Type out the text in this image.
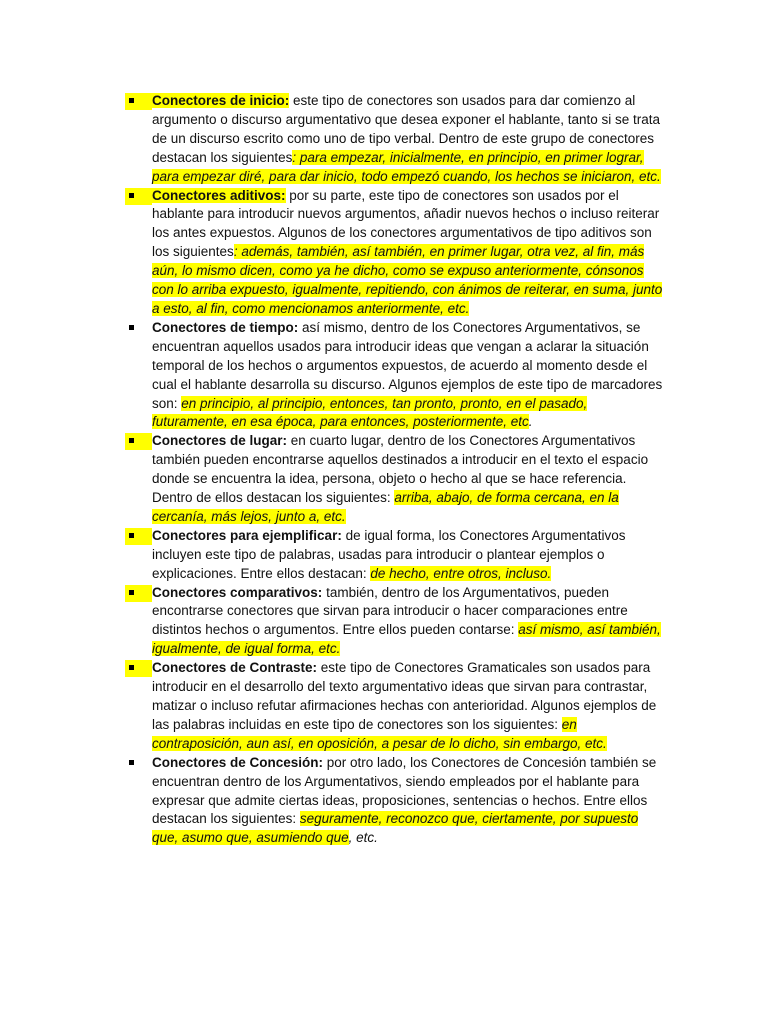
Conectores de inicio: este tipo de conectores son usados para dar comienzo al argumento o discurso argumentativo que desea exponer el hablante, tanto si se trata de un discurso escrito como uno de tipo verbal. Dentro de este grupo de conectores destacan los siguientes: para empezar, inicialmente, en principio, en primer lograr, para empezar diré, para dar inicio, todo empezó cuando, los hechos se iniciaron, etc.
Conectores aditivos: por su parte, este tipo de conectores son usados por el hablante para introducir nuevos argumentos, añadir nuevos hechos o incluso reiterar los antes expuestos. Algunos de los conectores argumentativos de tipo aditivos son los siguientes: además, también, así también, en primer lugar, otra vez, al fin, más aún, lo mismo dicen, como ya he dicho, como se expuso anteriormente, cónsonos con lo arriba expuesto, igualmente, repitiendo, con ánimos de reiterar, en suma, junto a esto, al fin, como mencionamos anteriormente, etc.
Conectores de tiempo: así mismo, dentro de los Conectores Argumentativos, se encuentran aquellos usados para introducir ideas que vengan a aclarar la situación temporal de los hechos o argumentos expuestos, de acuerdo al momento desde el cual el hablante desarrolla su discurso. Algunos ejemplos de este tipo de marcadores son: en principio, al principio, entonces, tan pronto, pronto, en el pasado, futuramente, en esa época, para entonces, posteriormente, etc.
Conectores de lugar: en cuarto lugar, dentro de los Conectores Argumentativos también pueden encontrarse aquellos destinados a introducir en el texto el espacio donde se encuentra la idea, persona, objeto o hecho al que se hace referencia. Dentro de ellos destacan los siguientes: arriba, abajo, de forma cercana, en la cercanía, más lejos, junto a, etc.
Conectores para ejemplificar: de igual forma, los Conectores Argumentativos incluyen este tipo de palabras, usadas para introducir o plantear ejemplos o explicaciones. Entre ellos destacan: de hecho, entre otros, incluso.
Conectores comparativos: también, dentro de los Argumentativos, pueden encontrarse conectores que sirvan para introducir o hacer comparaciones entre distintos hechos o argumentos. Entre ellos pueden contarse: así mismo, así también, igualmente, de igual forma, etc.
Conectores de Contraste: este tipo de Conectores Gramaticales son usados para introducir en el desarrollo del texto argumentativo ideas que sirvan para contrastar, matizar o incluso refutar afirmaciones hechas con anterioridad. Algunos ejemplos de las palabras incluidas en este tipo de conectores son los siguientes: en contraposición, aun así, en oposición, a pesar de lo dicho, sin embargo, etc.
Conectores de Concesión: por otro lado, los Conectores de Concesión también se encuentran dentro de los Argumentativos, siendo empleados por el hablante para expresar que admite ciertas ideas, proposiciones, sentencias o hechos. Entre ellos destacan los siguientes: seguramente, reconozco que, ciertamente, por supuesto que, asumo que, asumiendo que, etc.
